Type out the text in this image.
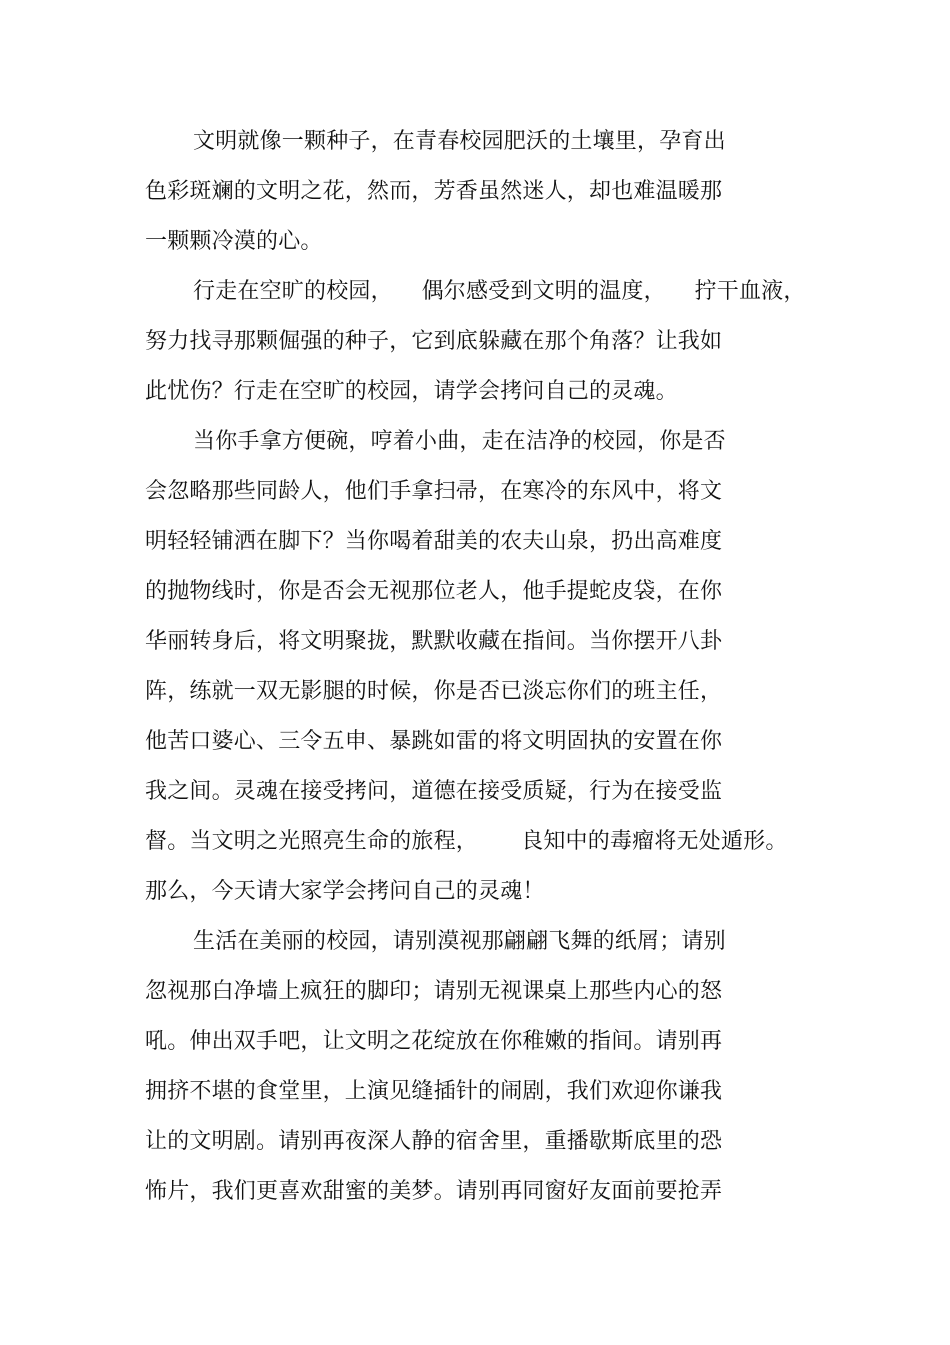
文明就像一颗种子，在青春校园肥沃的土壤里，孕育出
色彩斑斓的文明之花，然而，芳香虽然迷人，却也难温暖那
一颗颗冷漠的心。
行走在空旷的校园，    偶尔感受到文明的温度，    拧干血液，
努力找寻那颗倔强的种子，它到底躲藏在那个角落？让我如
此忧伤？行走在空旷的校园，请学会拷问自己的灵魂。
当你手拿方便碗，哼着小曲，走在洁净的校园，你是否
会忽略那些同龄人，他们手拿扫帚，在寒冷的东风中，将文
明轻轻铺洒在脚下？当你喝着甜美的农夫山泉，扔出高难度
的抛物线时，你是否会无视那位老人，他手提蛇皮袋，在你
华丽转身后，将文明聚拢，默默收藏在指间。当你摆开八卦
阵，练就一双无影腿的时候，你是否已淡忘你们的班主任，
他苦口婆心、三令五申、暴跳如雷的将文明固执的安置在你
我之间。灵魂在接受拷问，道德在接受质疑，行为在接受监
督。当文明之光照亮生命的旅程，      良知中的毒瘤将无处遁形。
那么，今天请大家学会拷问自己的灵魂！
生活在美丽的校园，请别漠视那翩翩飞舞的纸屑；请别
忽视那白净墙上疯狂的脚印；请别无视课桌上那些内心的怒
吼。伸出双手吧，让文明之花绽放在你稚嫩的指间。请别再
拥挤不堪的食堂里，上演见缝插针的闹剧，我们欢迎你谦我
让的文明剧。请别再夜深人静的宿舍里，重播歇斯底里的恐
怖片，我们更喜欢甜蜜的美梦。请别再同窗好友面前要抢弄
